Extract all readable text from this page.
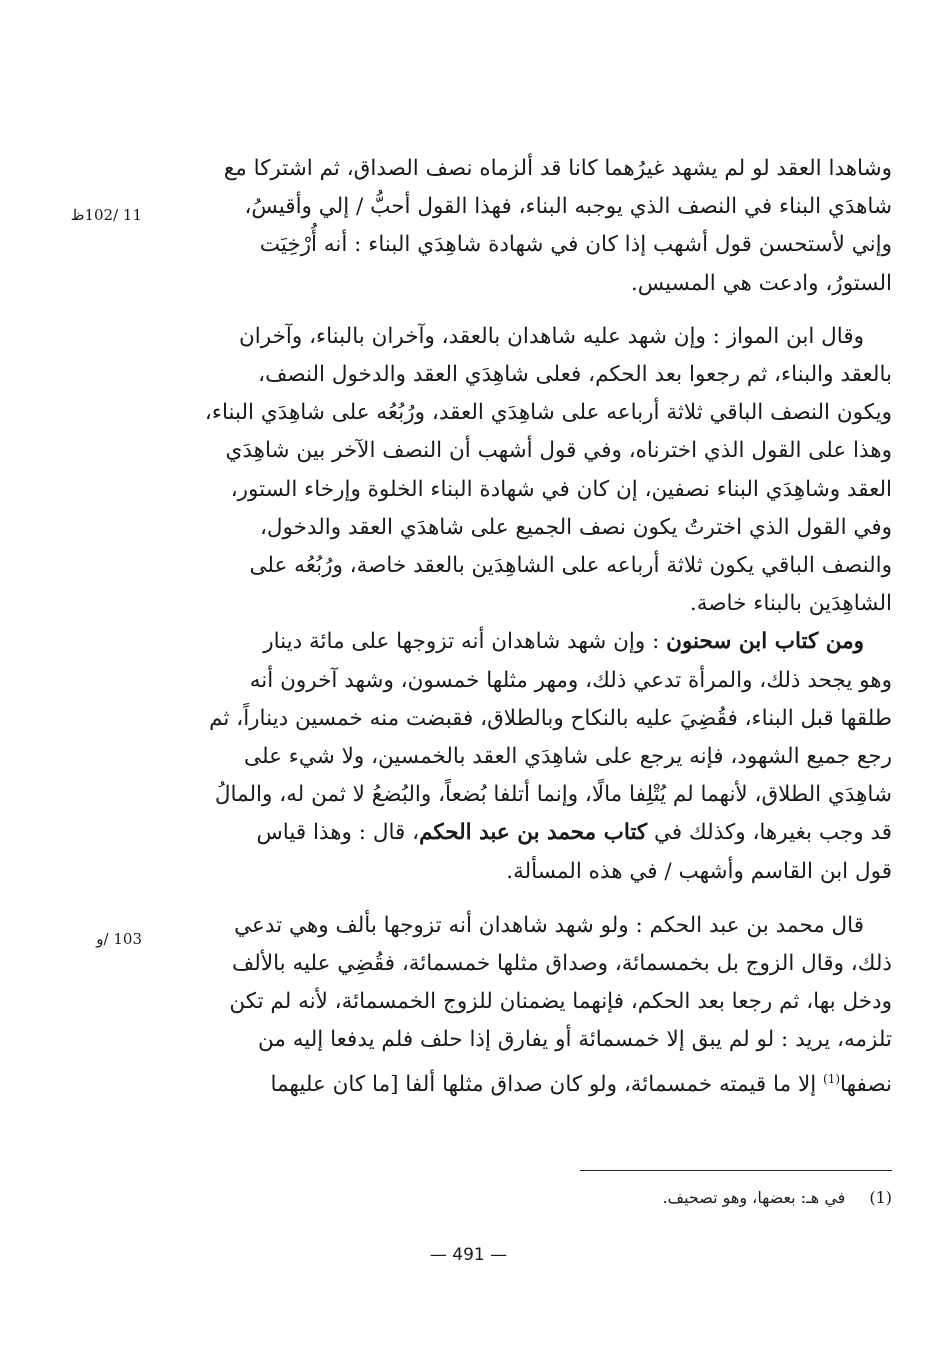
11 /102ظ
103 /و

وشاهدا العقد لو لم يشهد غيرُهما كانا قد ألزماه نصف الصداق، ثم اشتركا مع

شاهدَي البناء في النصف الذي يوجبه البناء، فهذا القول أحبُّ / إلي وأقيسُ،

وإني لأستحسن قول أشهب إذا كان في شهادة شاهِدَي البناء : أنه أُرْخِيَت

الستورُ، وادعت هي المسيس.

وقال ابن المواز : وإن شهد عليه شاهدان بالعقد، وآخران بالبناء، وآخران

بالعقد والبناء، ثم رجعوا بعد الحكم، فعلى شاهِدَي العقد والدخول النصف،

ويكون النصف الباقي ثلاثة أرباعه على شاهِدَي العقد، ورُبُعُه على شاهِدَي البناء،

وهذا على القول الذي اخترناه، وفي قول أشهب أن النصف الآخر بين شاهِدَي

العقد وشاهِدَي البناء نصفين، إن كان في شهادة البناء الخلوة وإرخاء الستور،

وفي القول الذي اخترتُ يكون نصف الجميع على شاهدَي العقد والدخول،

والنصف الباقي يكون ثلاثة أرباعه على الشاهِدَين بالعقد خاصة، ورُبُعُه على

الشاهِدَين بالبناء خاصة.

ومن كتاب ابن سحنون : وإن شهد شاهدان أنه تزوجها على مائة دينار

وهو يجحد ذلك، والمرأة تدعي ذلك، ومهر مثلها خمسون، وشهد آخرون أنه

طلقها قبل البناء، فقُضِيَ عليه بالنكاح وبالطلاق، فقبضت منه خمسين ديناراً، ثم

رجع جميع الشهود، فإنه يرجع على شاهِدَي العقد بالخمسين، ولا شيء على

شاهِدَي الطلاق، لأنهما لم يُتْلِفا مالًا، وإنما أتلفا بُضعاً، والبُضعُ لا ثمن له، والمالُ

قد وجب بغيرها، وكذلك في كتاب محمد بن عبد الحكم، قال : وهذا قياس

قول ابن القاسم وأشهب / في هذه المسألة.

قال محمد بن عبد الحكم : ولو شهد شاهدان أنه تزوجها بألف وهي تدعي

ذلك، وقال الزوج بل بخمسمائة، وصداق مثلها خمسمائة، فقُضِي عليه بالألف

ودخل بها، ثم رجعا بعد الحكم، فإنهما يضمنان للزوج الخمسمائة، لأنه لم تكن

تلزمه، يريد : لو لم يبق إلا خمسمائة أو يفارق إذا حلف فلم يدفعا إليه من

نصفها$^{(1)}$ إلا ما قيمته خمسمائة، ولو كان صداق مثلها ألفا [ما كان عليهما

(1)في هـ: بعضها، وهو تصحيف.
— 491 —
